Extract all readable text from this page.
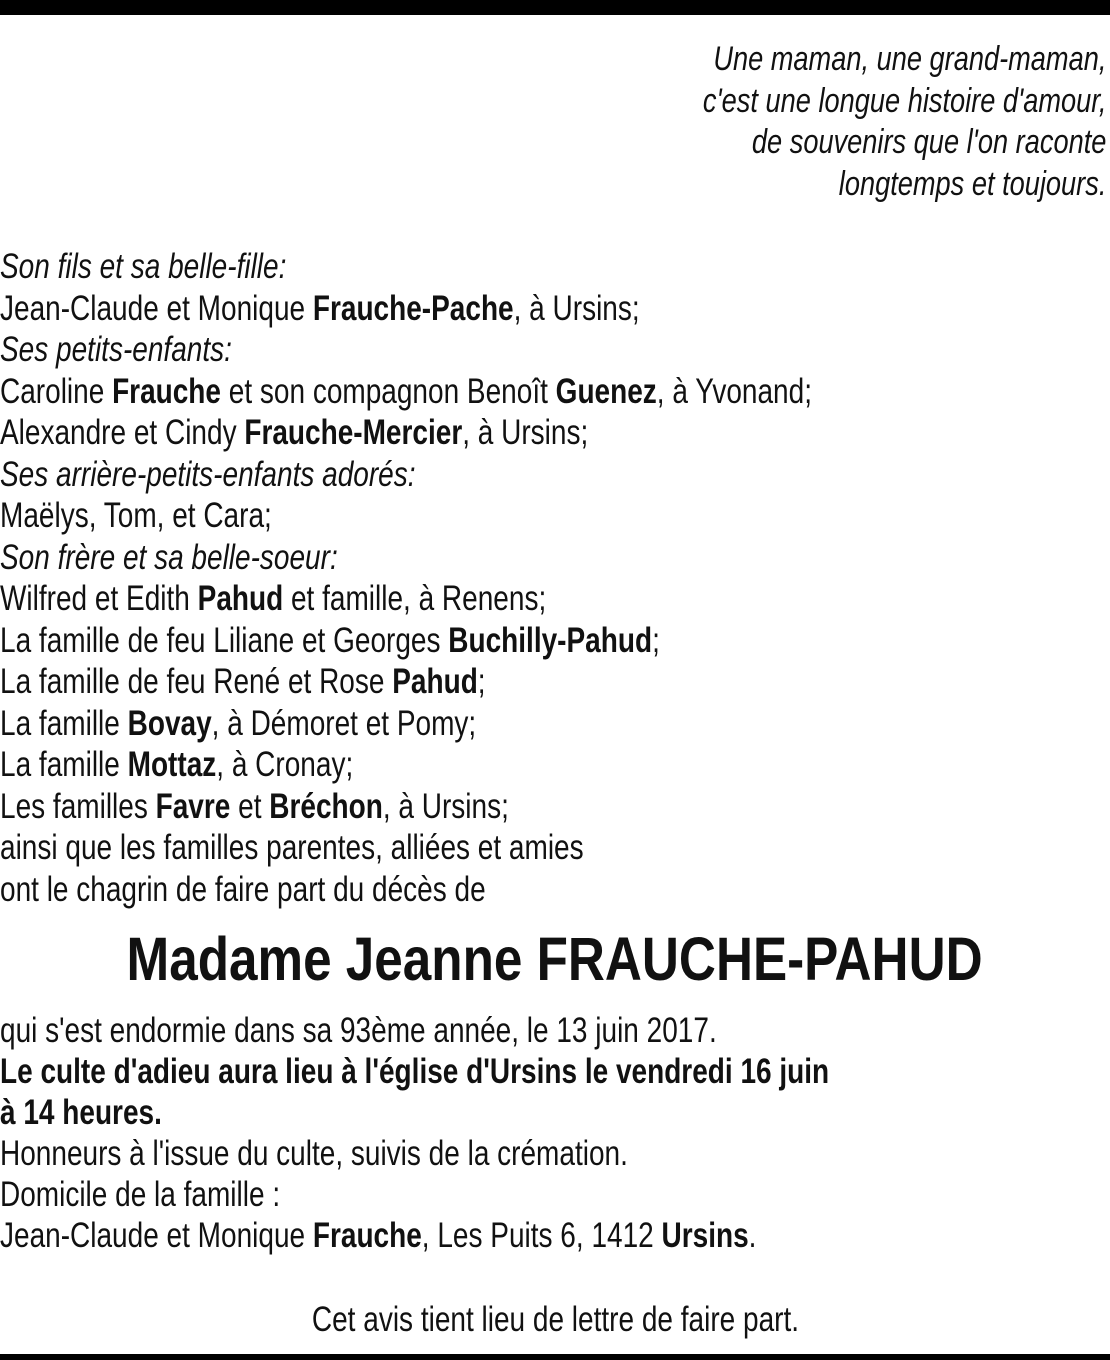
Une maman, une grand-maman,
c'est une longue histoire d'amour,
de souvenirs que l'on raconte
longtemps et toujours.
Son fils et sa belle-fille:
Jean-Claude et Monique Frauche-Pache, à Ursins;
Ses petits-enfants:
Caroline Frauche et son compagnon Benoît Guenez, à Yvonand;
Alexandre et Cindy Frauche-Mercier, à Ursins;
Ses arrière-petits-enfants adorés:
Maëlys, Tom, et Cara;
Son frère et sa belle-soeur:
Wilfred et Edith Pahud et famille, à Renens;
La famille de feu Liliane et Georges Buchilly-Pahud;
La famille de feu René et Rose Pahud;
La famille Bovay, à Démoret et Pomy;
La famille Mottaz, à Cronay;
Les familles Favre et Bréchon, à Ursins;
ainsi que les familles parentes, alliées et amies
ont le chagrin de faire part du décès de
Madame Jeanne FRAUCHE-PAHUD
qui s'est endormie dans sa 93ème année, le 13 juin 2017.
Le culte d'adieu aura lieu à l'église d'Ursins le vendredi 16 juin
à 14 heures.
Honneurs à l'issue du culte, suivis de la crémation.
Domicile de la famille :
Jean-Claude et Monique Frauche, Les Puits 6, 1412 Ursins.
Cet avis tient lieu de lettre de faire part.
